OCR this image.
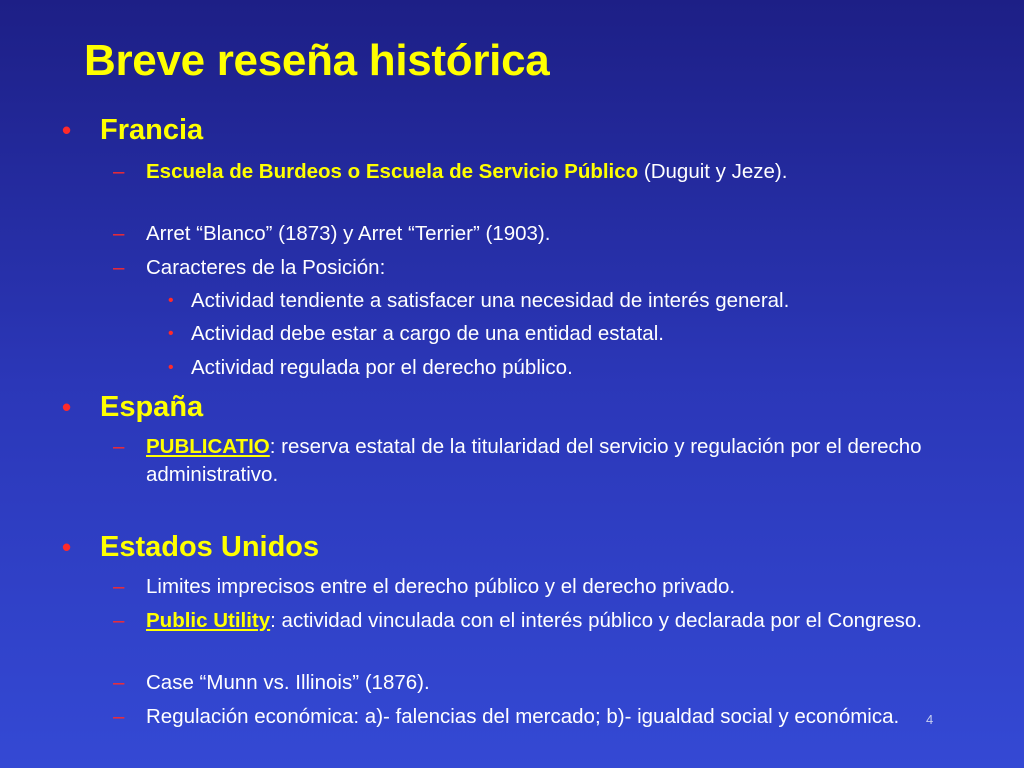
Breve reseña histórica
• Francia
–	Escuela de Burdeos o Escuela de Servicio Público (Duguit y Jeze).
–	Arret “Blanco” (1873) y Arret “Terrier” (1903).
–	Caracteres de la Posición:
• Actividad tendiente a satisfacer una necesidad de interés general.
• Actividad debe estar a cargo de una entidad estatal.
• Actividad regulada por el derecho público.
• España
–	PUBLICATIO: reserva estatal de la titularidad del servicio y regulación por el derecho administrativo.
• Estados Unidos
–	Limites imprecisos entre el derecho público y el derecho privado.
–	Public Utility: actividad vinculada con el interés público y declarada por el Congreso.
–	Case “Munn vs. Illinois” (1876).
–	Regulación económica: a)- falencias del mercado; b)- igualdad social y económica.	4
